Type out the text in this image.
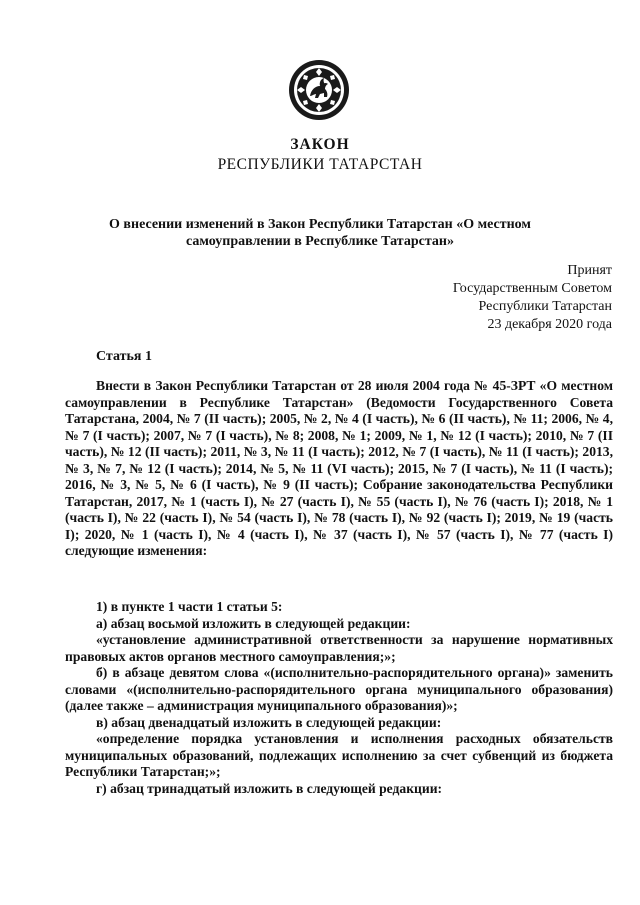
ЗАКОН
РЕСПУБЛИКИ ТАТАРСТАН
О внесении изменений в Закон Республики Татарстан «О местном самоуправлении в Республике Татарстан»
Принят
Государственным Советом
Республики Татарстан
23 декабря 2020 года
Статья 1
Внести в Закон Республики Татарстан от 28 июля 2004 года № 45-ЗРТ «О местном самоуправлении в Республике Татарстан» (Ведомости Государственного Совета Татарстана, 2004, № 7 (II часть); 2005, № 2, № 4 (I часть), № 6 (II часть), № 11; 2006, № 4, № 7 (I часть); 2007, № 7 (I часть), № 8; 2008, № 1; 2009, № 1, № 12 (I часть); 2010, № 7 (II часть), № 12 (II часть); 2011, № 3, № 11 (I часть); 2012, № 7 (I часть), № 11 (I часть); 2013, № 3, № 7, № 12 (I часть); 2014, № 5, № 11 (VI часть); 2015, № 7 (I часть), № 11 (I часть); 2016, № 3, № 5, № 6 (I часть), № 9 (II часть); Собрание законодательства Республики Татарстан, 2017, № 1 (часть I), № 27 (часть I), № 55 (часть I), № 76 (часть I); 2018, № 1 (часть I), № 22 (часть I), № 54 (часть I), № 78 (часть I), № 92 (часть I); 2019, № 19 (часть I); 2020, № 1 (часть I), № 4 (часть I), № 37 (часть I), № 57 (часть I), № 77 (часть I) следующие изменения:

1) в пункте 1 части 1 статьи 5:

а) абзац восьмой изложить в следующей редакции:

«установление административной ответственности за нарушение нормативных правовых актов органов местного самоуправления;»;

б) в абзаце девятом слова «(исполнительно-распорядительного органа)» заменить словами «(исполнительно-распорядительного органа муниципального образования) (далее также – администрация муниципального образования)»;

в) абзац двенадцатый изложить в следующей редакции:

«определение порядка установления и исполнения расходных обязательств муниципальных образований, подлежащих исполнению за счет субвенций из бюджета Республики Татарстан;»;

г) абзац тринадцатый изложить в следующей редакции:
